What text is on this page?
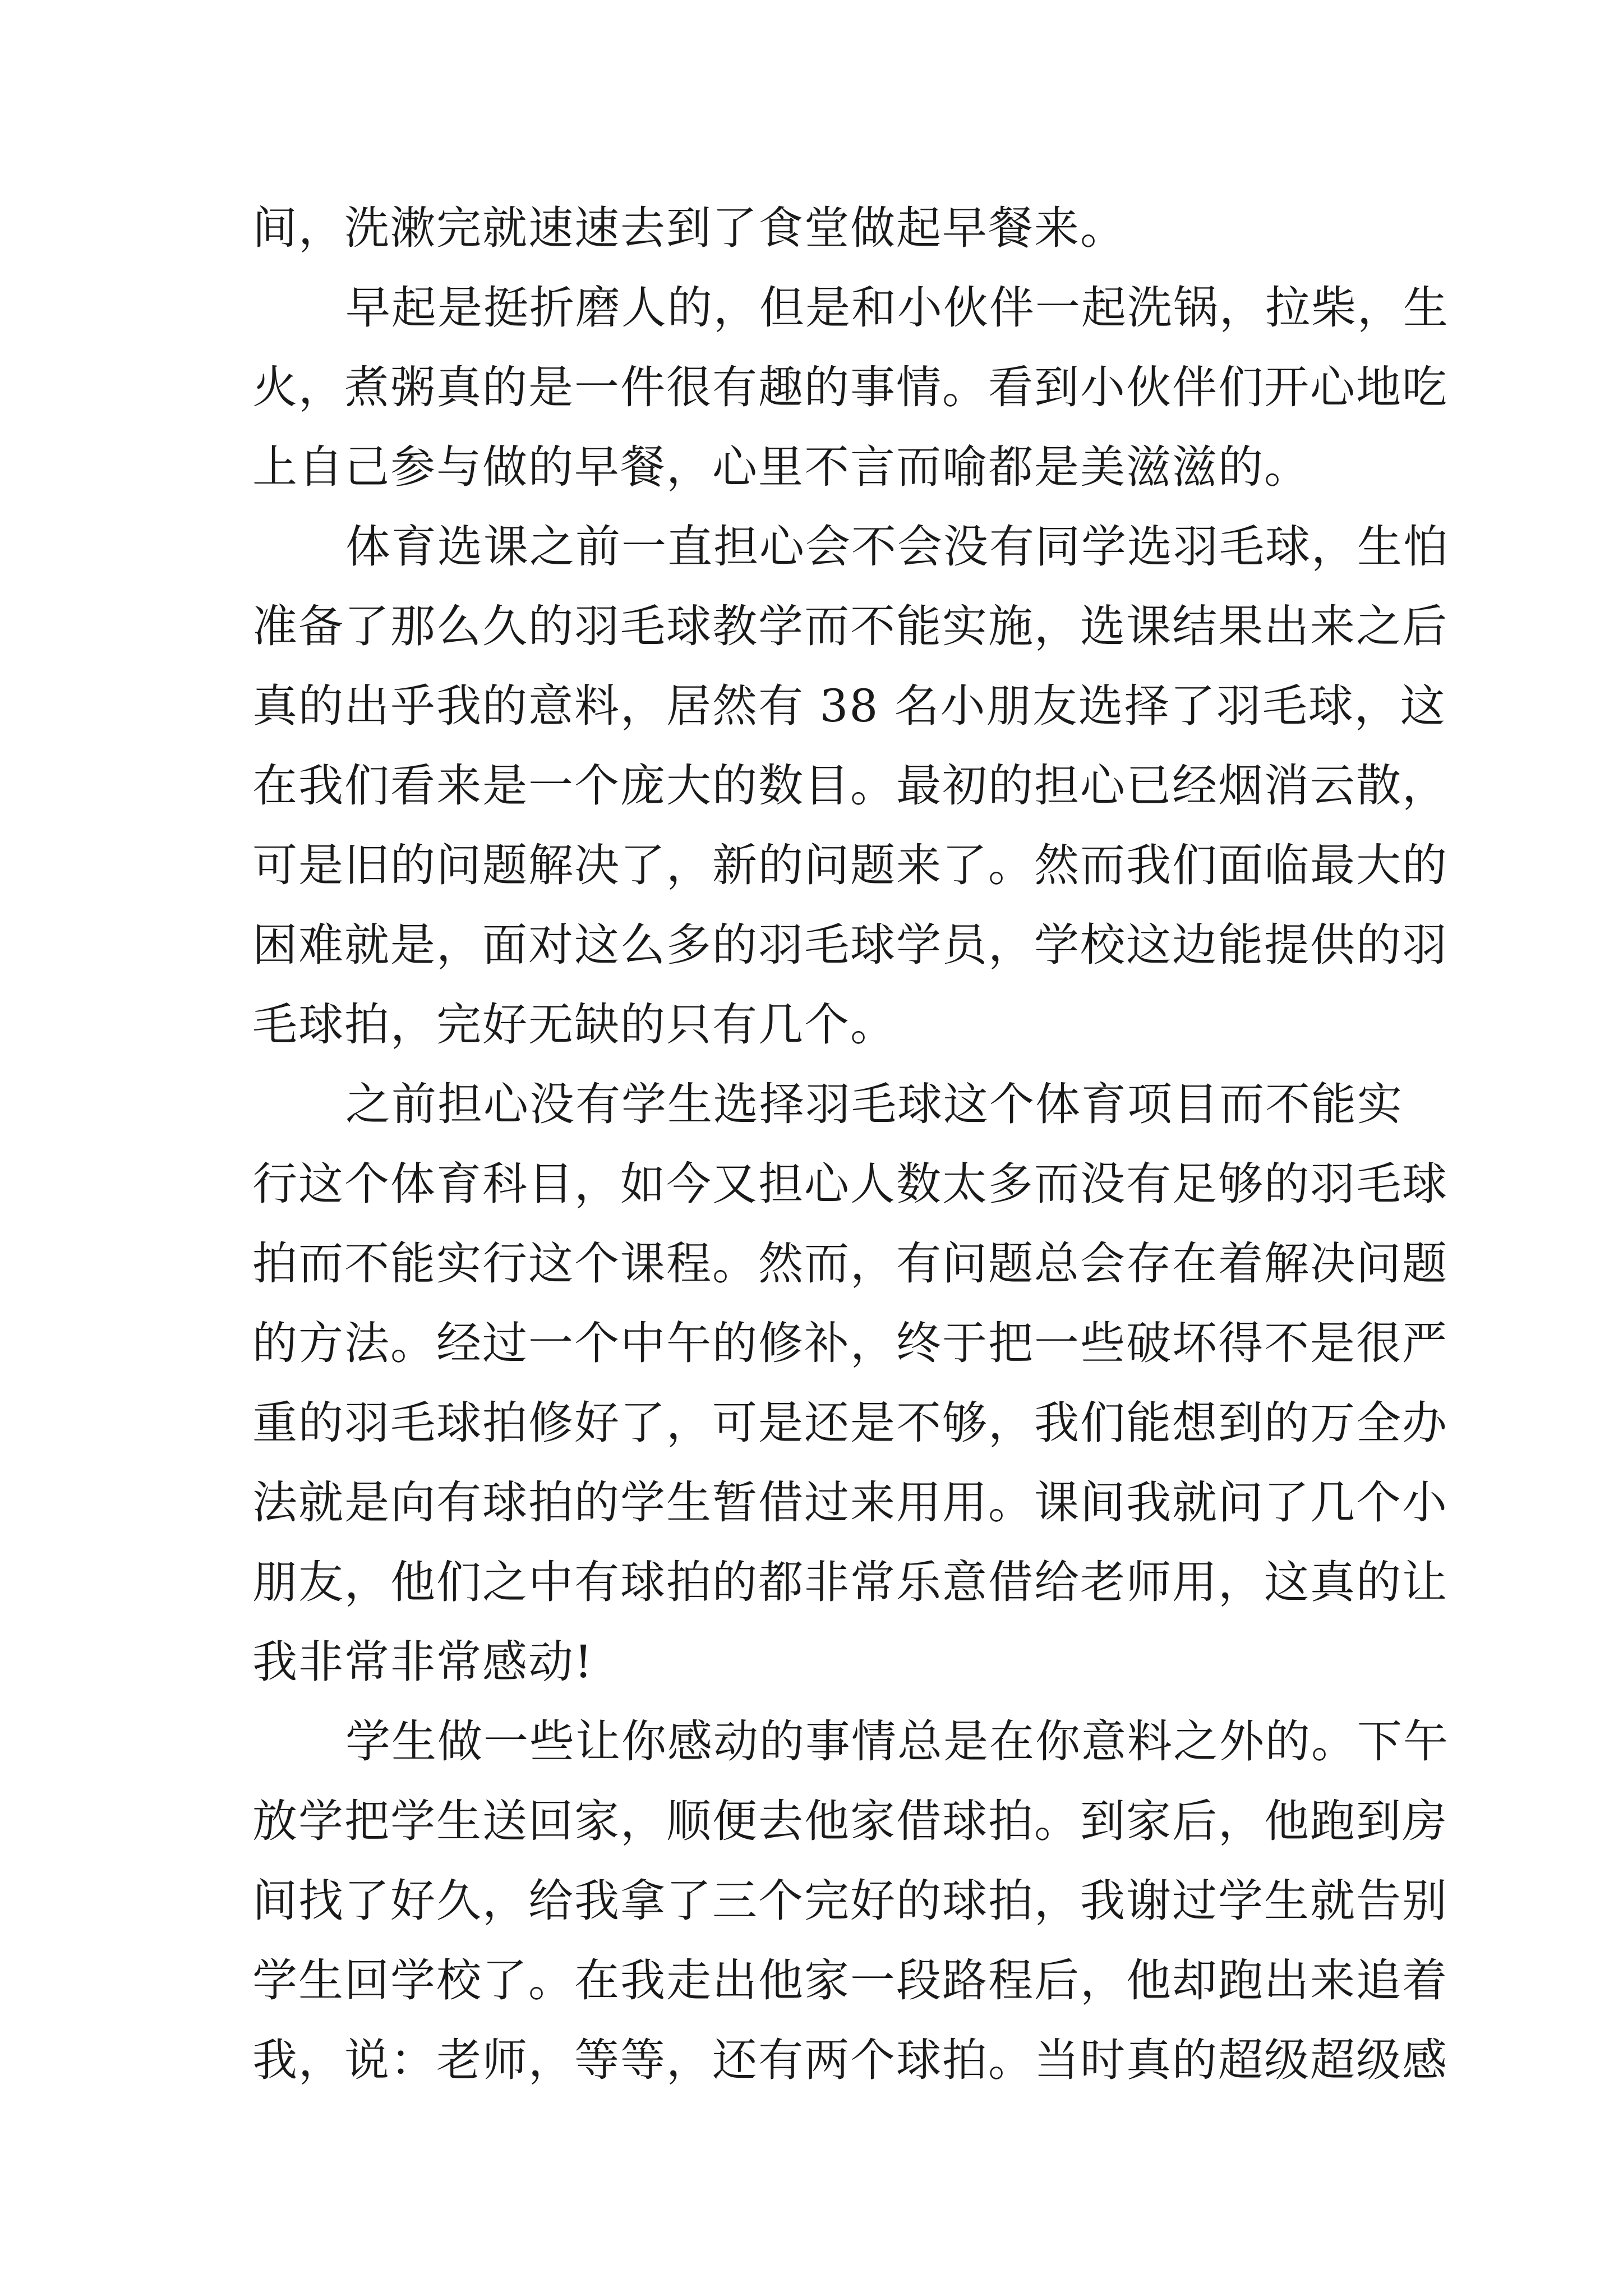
间，洗漱完就速速去到了食堂做起早餐来。
早起是挺折磨人的，但是和小伙伴一起洗锅，拉柴，生
火，煮粥真的是一件很有趣的事情。看到小伙伴们开心地吃
上自己参与做的早餐，心里不言而喻都是美滋滋的。
体育选课之前一直担心会不会没有同学选羽毛球，生怕
准备了那么久的羽毛球教学而不能实施，选课结果出来之后
真的出乎我的意料，居然有 38 名小朋友选择了羽毛球，这
在我们看来是一个庞大的数目。最初的担心已经烟消云散，
可是旧的问题解决了，新的问题来了。然而我们面临最大的
困难就是，面对这么多的羽毛球学员，学校这边能提供的羽
毛球拍，完好无缺的只有几个。
之前担心没有学生选择羽毛球这个体育项目而不能实
行这个体育科目，如今又担心人数太多而没有足够的羽毛球
拍而不能实行这个课程。然而，有问题总会存在着解决问题
的方法。经过一个中午的修补，终于把一些破坏得不是很严
重的羽毛球拍修好了，可是还是不够，我们能想到的万全办
法就是向有球拍的学生暂借过来用用。课间我就问了几个小
朋友，他们之中有球拍的都非常乐意借给老师用，这真的让
我非常非常感动!
学生做一些让你感动的事情总是在你意料之外的。下午
放学把学生送回家，顺便去他家借球拍。到家后，他跑到房
间找了好久，给我拿了三个完好的球拍，我谢过学生就告别
学生回学校了。在我走出他家一段路程后，他却跑出来追着
我，说：老师，等等，还有两个球拍。当时真的超级超级感
